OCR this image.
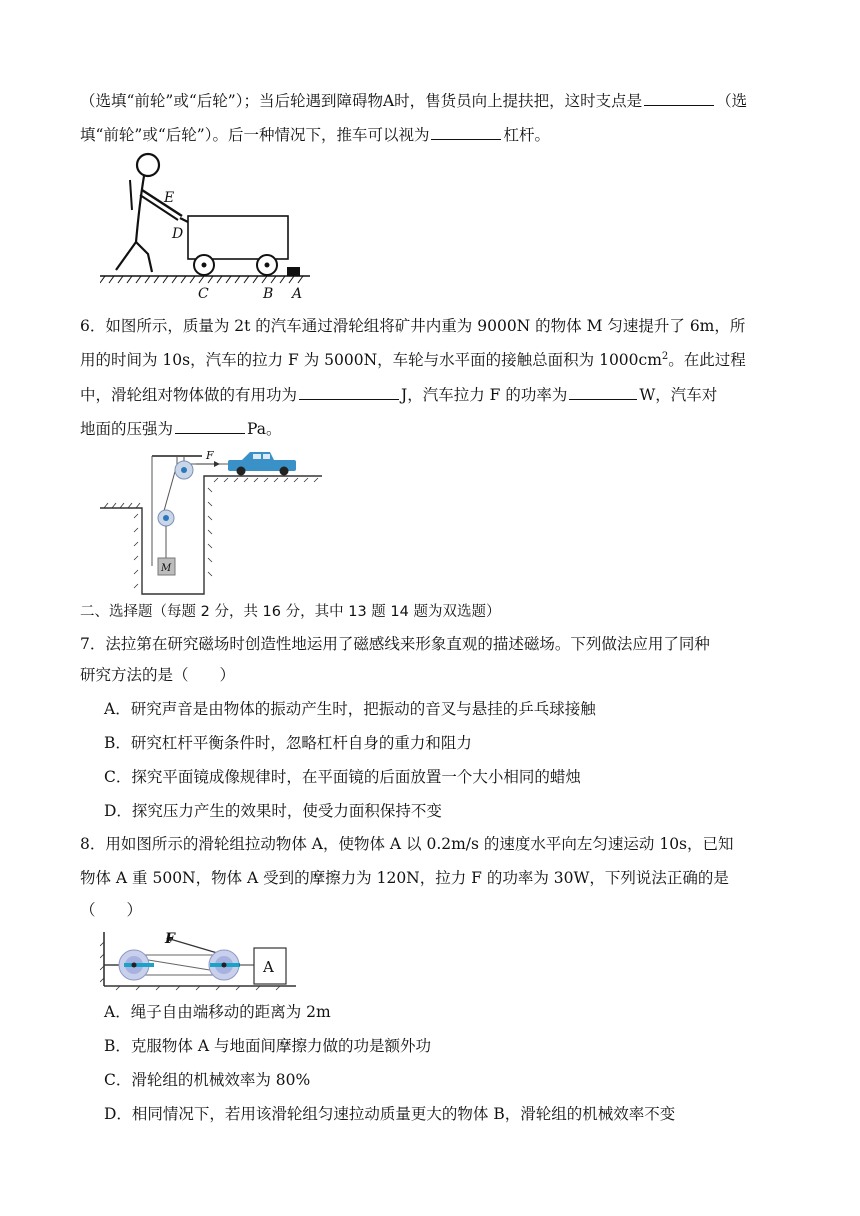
（选填“前轮”或“后轮”）；当后轮遇到障碍物A时，售货员向上提扶把，这时支点是	（选
填“前轮”或“后轮”）。后一种情况下，推车可以视为	杠杆。
E
D
C	B A
6．如图所示，质量为 2t 的汽车通过滑轮组将矿井内重为 9000N 的物体 M 匀速提升了 6m，所
用的时间为 10s，汽车的拉力 F 为 5000N，车轮与水平面的接触总面积为 $1000cm^2$。在此过程
中，滑轮组对物体做的有用功为	J，汽车拉力 F 的功率为	W，汽车对
地面的压强为	Pa。
M
F
二、选择题（每题 2 分，共 16 分，其中 13 题 14 题为双选题）
7．法拉第在研究磁场时创造性地运用了磁感线来形象直观的描述磁场。下列做法应用了同种
研究方法的是（　　）
A．研究声音是由物体的振动产生时，把振动的音叉与悬挂的乒乓球接触
B．研究杠杆平衡条件时，忽略杠杆自身的重力和阻力
C．探究平面镜成像规律时，在平面镜的后面放置一个大小相同的蜡烛
D．探究压力产生的效果时，使受力面积保持不变
8．用如图所示的滑轮组拉动物体 A，使物体 A 以 0.2m/s 的速度水平向左匀速运动 10s，已知
物体 A 重 500N，物体 A 受到的摩擦力为 120N，拉力 F 的功率为 30W，下列说法正确的是
（　　）
F
A
A．绳子自由端移动的距离为 2m
B．克服物体 A 与地面间摩擦力做的功是额外功
C．滑轮组的机械效率为 80%
D．相同情况下，若用该滑轮组匀速拉动质量更大的物体 B，滑轮组的机械效率不变
